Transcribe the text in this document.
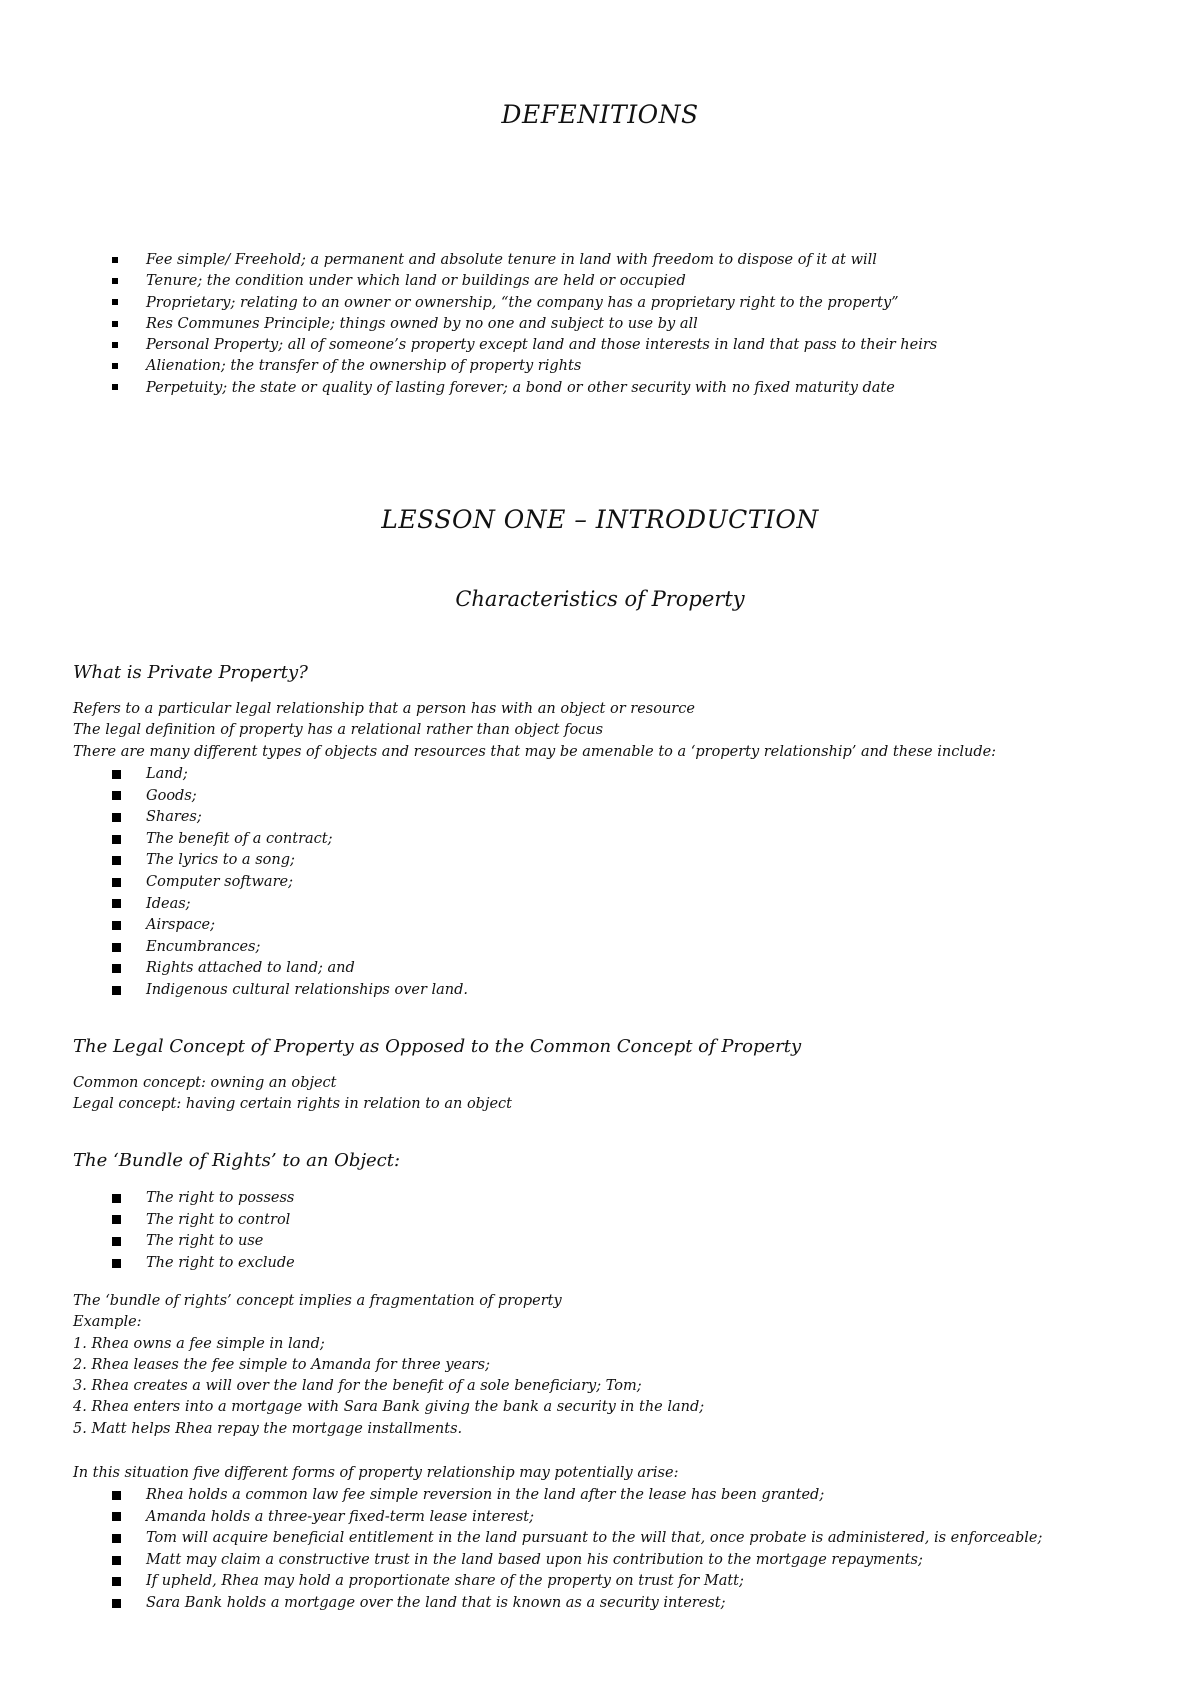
DEFENITIONS
Fee simple/ Freehold; a permanent and absolute tenure in land with freedom to dispose of it at will
Tenure; the condition under which land or buildings are held or occupied
Proprietary; relating to an owner or ownership, “the company has a proprietary right to the property”
Res Communes Principle; things owned by no one and subject to use by all
Personal Property; all of someone’s property except land and those interests in land that pass to their heirs
Alienation; the transfer of the ownership of property rights
Perpetuity; the state or quality of lasting forever; a bond or other security with no fixed maturity date
LESSON ONE – INTRODUCTION
Characteristics of Property
What is Private Property?

Refers to a particular legal relationship that a person has with an object or resource
The legal definition of property has a relational rather than object focus
There are many different types of objects and resources that may be amenable to a ‘property relationship’ and these include:

Land;
Goods;
Shares;
The benefit of a contract;
The lyrics to a song;
Computer software;
Ideas;
Airspace;
Encumbrances;
Rights attached to land; and
Indigenous cultural relationships over land.
The Legal Concept of Property as Opposed to the Common Concept of Property

Common concept: owning an object
Legal concept: having certain rights in relation to an object

The ‘Bundle of Rights’ to an Object:
The right to possess
The right to control
The right to use
The right to exclude

The ‘bundle of rights’ concept implies a fragmentation of property
Example:
1. Rhea owns a fee simple in land;
2. Rhea leases the fee simple to Amanda for three years;
3. Rhea creates a will over the land for the benefit of a sole beneficiary; Tom;
4. Rhea enters into a mortgage with Sara Bank giving the bank a security in the land;
5. Matt helps Rhea repay the mortgage installments.

In this situation five different forms of property relationship may potentially arise:

Rhea holds a common law fee simple reversion in the land after the lease has been granted;
Amanda holds a three-year fixed-term lease interest;
Tom will acquire beneficial entitlement in the land pursuant to the will that, once probate is administered, is enforceable;
Matt may claim a constructive trust in the land based upon his contribution to the mortgage repayments;
If upheld, Rhea may hold a proportionate share of the property on trust for Matt;
Sara Bank holds a mortgage over the land that is known as a security interest;
